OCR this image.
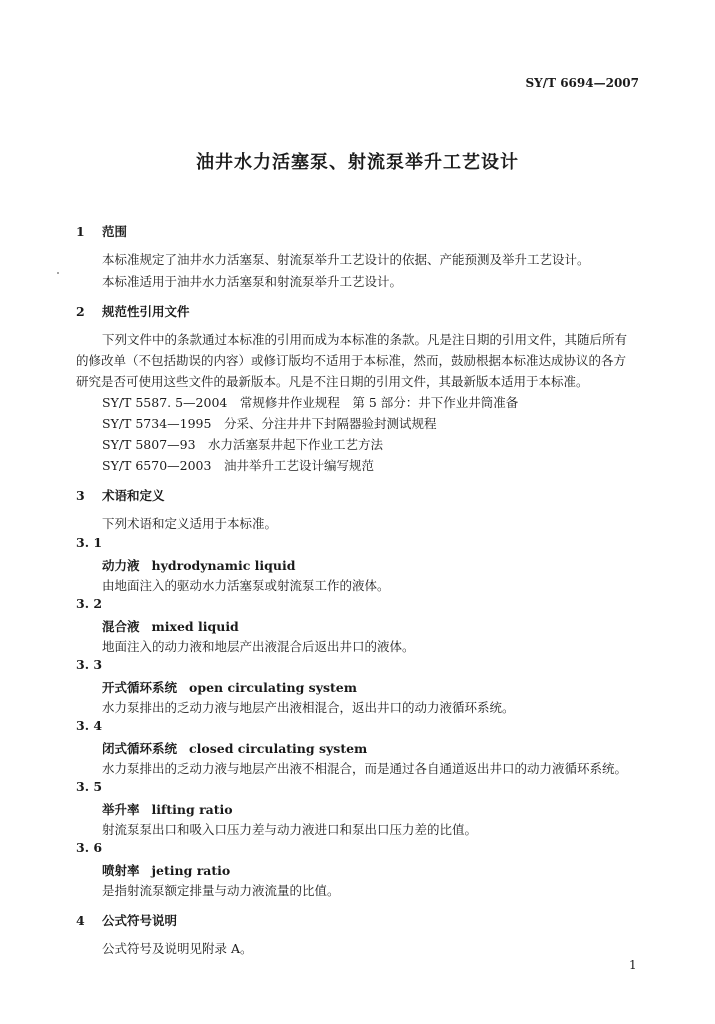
SY/T 6694—2007
油井水力活塞泵、射流泵举升工艺设计
1 范围
本标准规定了油井水力活塞泵、射流泵举升工艺设计的依据、产能预测及举升工艺设计。
本标准适用于油井水力活塞泵和射流泵举升工艺设计。
2 规范性引用文件
下列文件中的条款通过本标准的引用而成为本标准的条款。凡是注日期的引用文件，其随后所有
的修改单（不包括勘误的内容）或修订版均不适用于本标准，然而，鼓励根据本标准达成协议的各方
研究是否可使用这些文件的最新版本。凡是不注日期的引用文件，其最新版本适用于本标准。
SY/T 5587. 5—2004　常规修井作业规程　第 5 部分：井下作业井筒准备
SY/T 5734—1995　分采、分注井井下封隔器验封测试规程
SY/T 5807—93　水力活塞泵井起下作业工艺方法
SY/T 6570—2003　油井举升工艺设计编写规范
3 术语和定义
下列术语和定义适用于本标准。
3. 1
动力液 hydrodynamic liquid
由地面注入的驱动水力活塞泵或射流泵工作的液体。
3. 2
混合液 mixed liquid
地面注入的动力液和地层产出液混合后返出井口的液体。
3. 3
开式循环系统 open circulating system
水力泵排出的乏动力液与地层产出液相混合，返出井口的动力液循环系统。
3. 4
闭式循环系统 closed circulating system
水力泵排出的乏动力液与地层产出液不相混合，而是通过各自通道返出井口的动力液循环系统。
3. 5
举升率 lifting ratio
射流泵泵出口和吸入口压力差与动力液进口和泵出口压力差的比值。
3. 6
喷射率 jeting ratio
是指射流泵额定排量与动力液流量的比值。
4 公式符号说明
公式符号及说明见附录 A。
1
